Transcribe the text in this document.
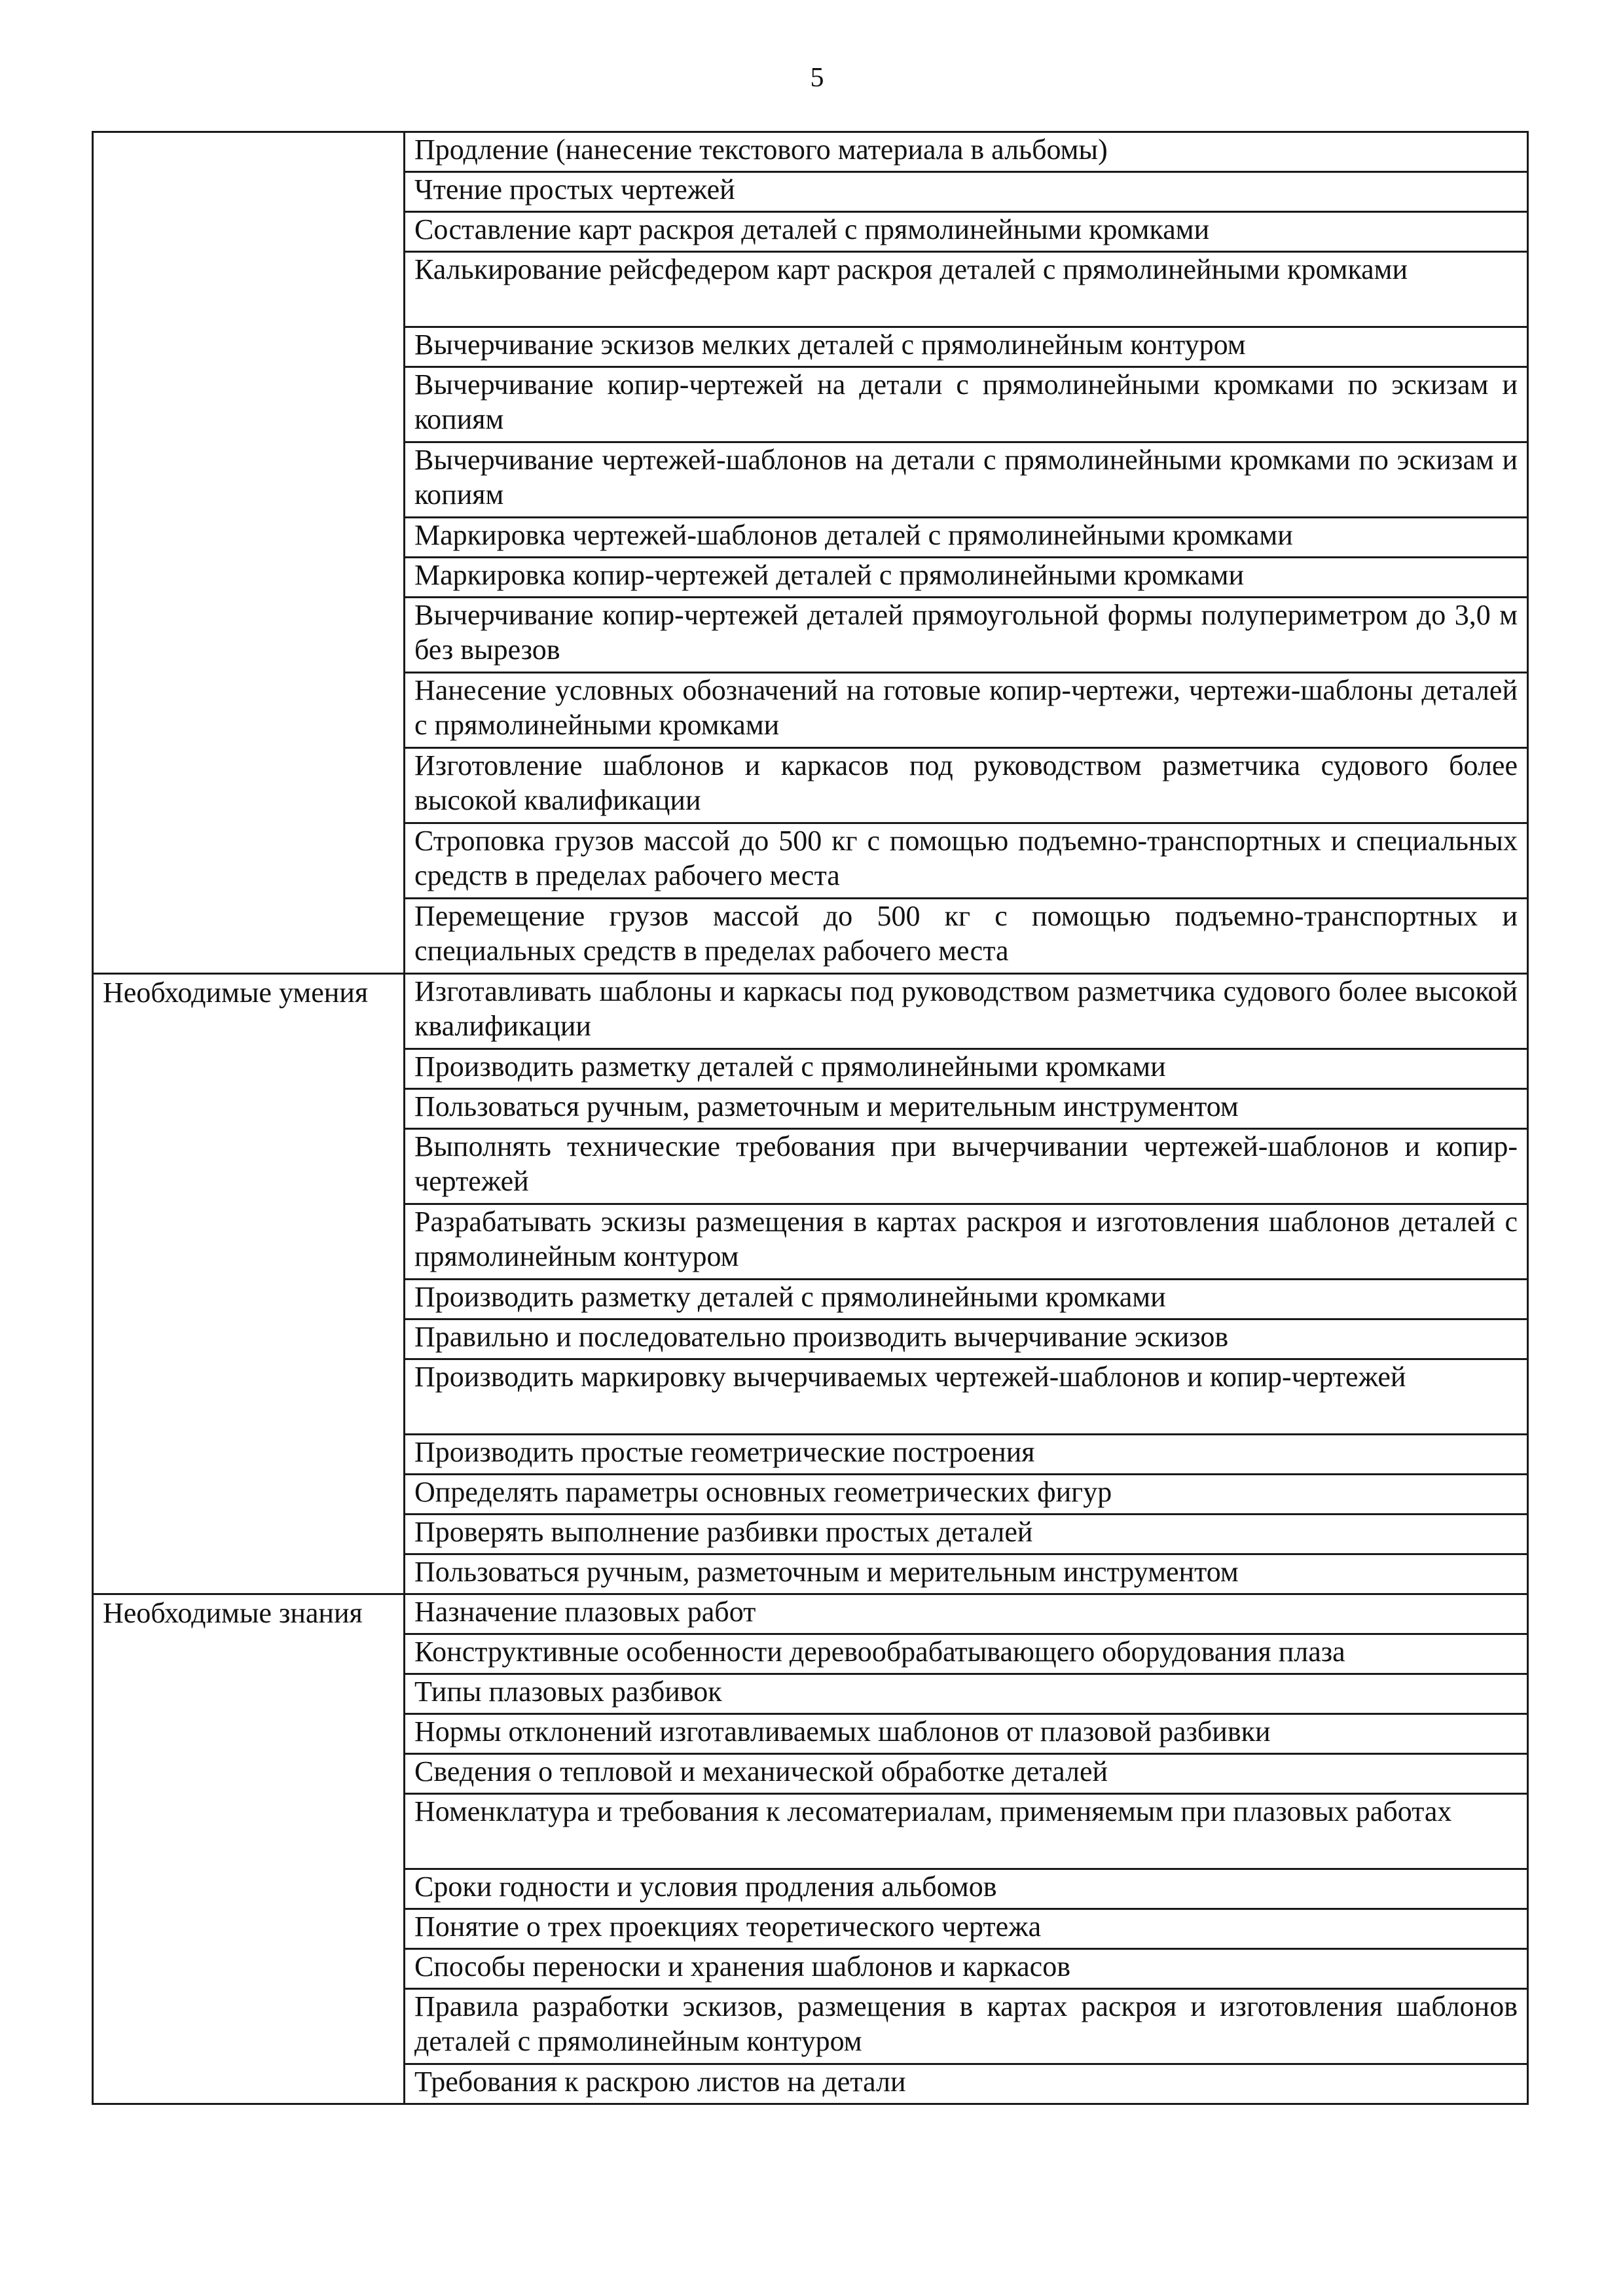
5
	Продление (нанесение текстового материала в альбомы)
	Чтение простых чертежей
	Составление карт раскроя деталей с прямолинейными кромками
	Калькирование рейсфедером карт раскроя деталей с прямолинейными кромками
	Вычерчивание эскизов мелких деталей с прямолинейным контуром
	Вычерчивание копир-чертежей на детали с прямолинейными кромками по эскизам и копиям
	Вычерчивание чертежей-шаблонов на детали с прямолинейными кромками по эскизам и копиям
	Маркировка чертежей-шаблонов деталей с прямолинейными кромками
	Маркировка копир-чертежей деталей с прямолинейными кромками
	Вычерчивание копир-чертежей деталей прямоугольной формы полупериметром до 3,0 м без вырезов
	Нанесение условных обозначений на готовые копир-чертежи, чертежи-шаблоны деталей с прямолинейными кромками
	Изготовление шаблонов и каркасов под руководством разметчика судового более высокой квалификации
	Строповка грузов массой до 500 кг с помощью подъемно-транспортных и специальных средств в пределах рабочего места
	Перемещение грузов массой до 500 кг с помощью подъемно-транспортных и специальных средств в пределах рабочего места
Необходимые умения	Изготавливать шаблоны и каркасы под руководством разметчика судового более высокой квалификации
	Производить разметку деталей с прямолинейными кромками
	Пользоваться ручным, разметочным и мерительным инструментом
	Выполнять технические требования при вычерчивании чертежей-шаблонов и копир-чертежей
	Разрабатывать эскизы размещения в картах раскроя и изготовления шаблонов деталей с прямолинейным контуром
	Производить разметку деталей с прямолинейными кромками
	Правильно и последовательно производить вычерчивание эскизов
	Производить маркировку вычерчиваемых чертежей-шаблонов и копир-чертежей
	Производить простые геометрические построения
	Определять параметры основных геометрических фигур
	Проверять выполнение разбивки простых деталей
	Пользоваться ручным, разметочным и мерительным инструментом
Необходимые знания	Назначение плазовых работ
	Конструктивные особенности деревообрабатывающего оборудования плаза
	Типы плазовых разбивок
	Нормы отклонений изготавливаемых шаблонов от плазовой разбивки
	Сведения о тепловой и механической обработке деталей
	Номенклатура и требования к лесоматериалам, применяемым при плазовых работах
	Сроки годности и условия продления альбомов
	Понятие о трех проекциях теоретического чертежа
	Способы переноски и хранения шаблонов и каркасов
	Правила разработки эскизов, размещения в картах раскроя и изготовления шаблонов деталей с прямолинейным контуром
	Требования к раскрою листов на детали
